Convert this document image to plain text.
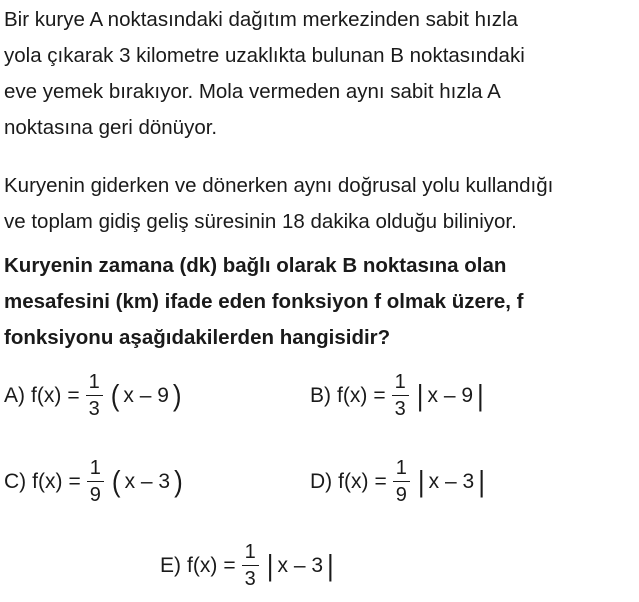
Bir kurye A noktasındaki dağıtım merkezinden sabit hızla
yola çıkarak 3 kilometre uzaklıkta bulunan B noktasındaki
eve yemek bırakıyor. Mola vermeden aynı sabit hızla A
noktasına geri dönüyor.

Kuryenin giderken ve dönerken aynı doğrusal yolu kullandığı
ve toplam gidiş geliş süresinin 18 dakika olduğu biliniyor.

Kuryenin zamana (dk) bağlı olarak B noktasına olan
mesafesini (km) ifade eden fonksiyon f olmak üzere, f
fonksiyonu aşağıdakilerden hangisidir?

A) $f(x) = \frac{1}{3}$ ( x – 9 )	B) $f(x) = \frac{1}{3}$ | x – 9 |
C) $f(x) = \frac{1}{9}$ ( x – 3 )	D) $f(x) = \frac{1}{9}$ | x – 3 |
E) $f(x) = \frac{1}{3}$ | x – 3 |
